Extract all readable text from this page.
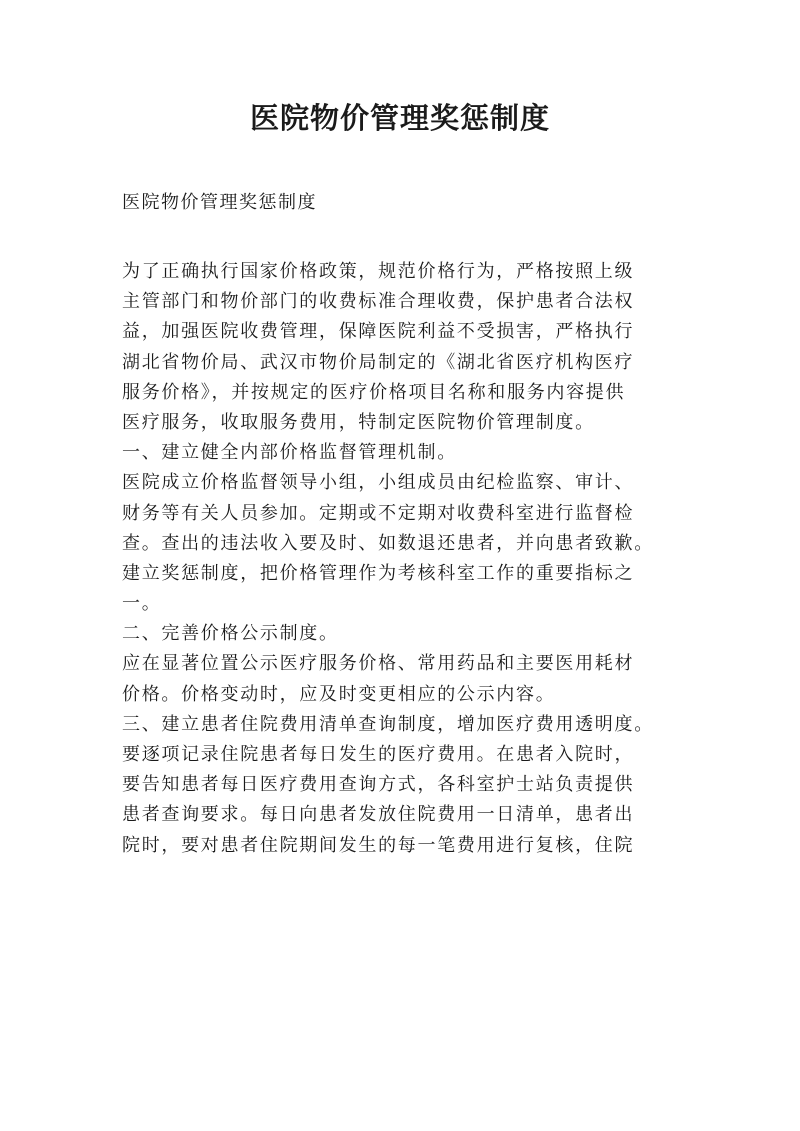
医院物价管理奖惩制度
医院物价管理奖惩制度
为了正确执行国家价格政策，规范价格行为，严格按照上级
主管部门和物价部门的收费标准合理收费，保护患者合法权
益，加强医院收费管理，保障医院利益不受损害，严格执行
湖北省物价局、武汉市物价局制定的《湖北省医疗机构医疗
服务价格》，并按规定的医疗价格项目名称和服务内容提供
医疗服务，收取服务费用，特制定医院物价管理制度。
一、建立健全内部价格监督管理机制。
医院成立价格监督领导小组，小组成员由纪检监察、审计、
财务等有关人员参加。定期或不定期对收费科室进行监督检
查。查出的违法收入要及时、如数退还患者，并向患者致歉。
建立奖惩制度，把价格管理作为考核科室工作的重要指标之
一。
二、完善价格公示制度。
应在显著位置公示医疗服务价格、常用药品和主要医用耗材
价格。价格变动时，应及时变更相应的公示内容。
三、建立患者住院费用清单查询制度，增加医疗费用透明度。
要逐项记录住院患者每日发生的医疗费用。在患者入院时，
要告知患者每日医疗费用查询方式，各科室护士站负责提供
患者查询要求。每日向患者发放住院费用一日清单，患者出
院时，要对患者住院期间发生的每一笔费用进行复核，住院
